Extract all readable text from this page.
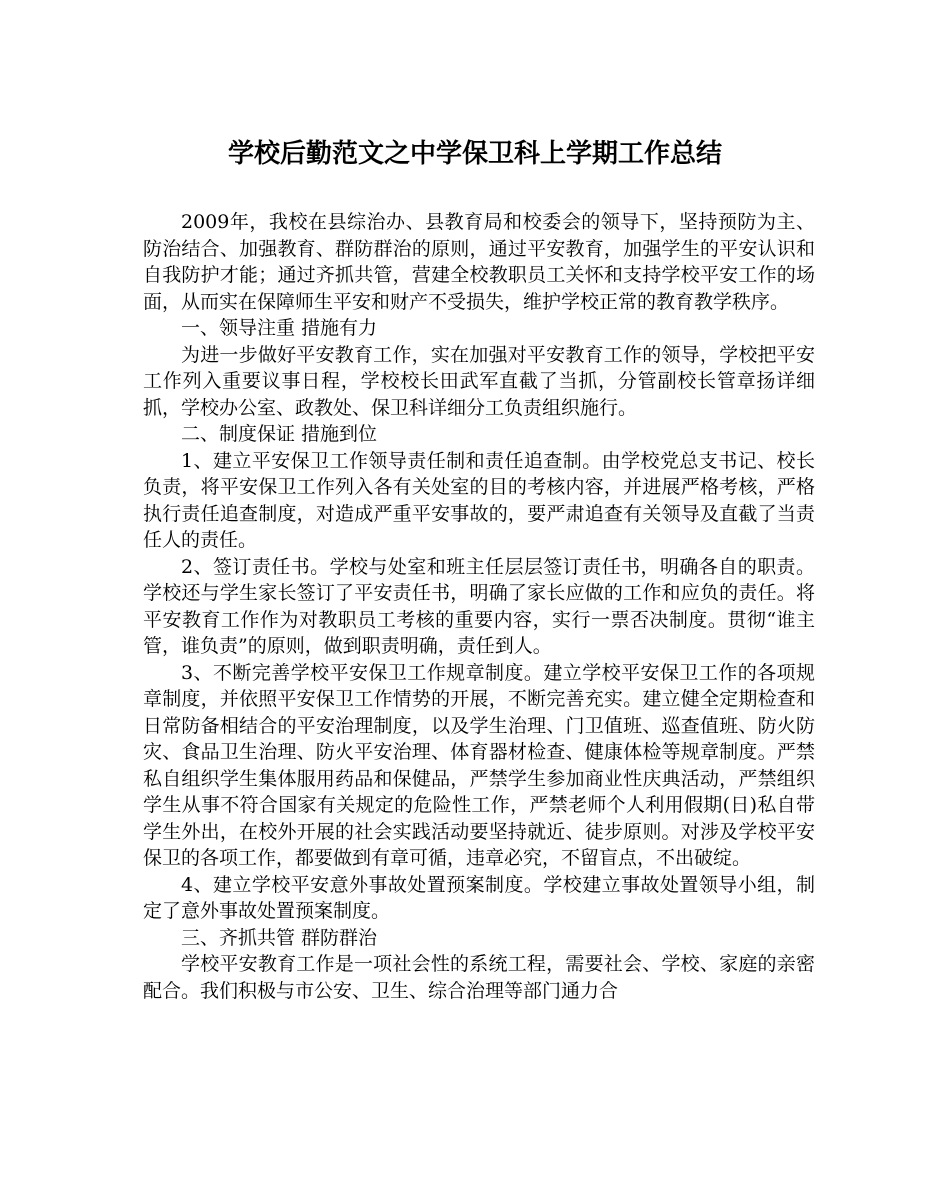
学校后勤范文之中学保卫科上学期工作总结

2009年，我校在县综治办、县教育局和校委会的领导下，坚持预防为主、防治结合、加强教育、群防群治的原则，通过平安教育，加强学生的平安认识和自我防护才能；通过齐抓共管，营建全校教职员工关怀和支持学校平安工作的场面，从而实在保障师生平安和财产不受损失，维护学校正常的教育教学秩序。

一、领导注重 措施有力

为进一步做好平安教育工作，实在加强对平安教育工作的领导，学校把平安工作列入重要议事日程，学校校长田武军直截了当抓，分管副校长管章扬详细抓，学校办公室、政教处、保卫科详细分工负责组织施行。

二、制度保证 措施到位

1、建立平安保卫工作领导责任制和责任追查制。由学校党总支书记、校长负责，将平安保卫工作列入各有关处室的目的考核内容，并进展严格考核，严格执行责任追查制度，对造成严重平安事故的，要严肃追查有关领导及直截了当责任人的责任。

2、签订责任书。学校与处室和班主任层层签订责任书，明确各自的职责。学校还与学生家长签订了平安责任书，明确了家长应做的工作和应负的责任。将平安教育工作作为对教职员工考核的重要内容，实行一票否决制度。贯彻“谁主管，谁负责”的原则，做到职责明确，责任到人。

3、不断完善学校平安保卫工作规章制度。建立学校平安保卫工作的各项规章制度，并依照平安保卫工作情势的开展，不断完善充实。建立健全定期检查和日常防备相结合的平安治理制度，以及学生治理、门卫值班、巡查值班、防火防灾、食品卫生治理、防火平安治理、体育器材检查、健康体检等规章制度。严禁私自组织学生集体服用药品和保健品，严禁学生参加商业性庆典活动，严禁组织学生从事不符合国家有关规定的危险性工作，严禁老师个人利用假期(日)私自带学生外出，在校外开展的社会实践活动要坚持就近、徒步原则。对涉及学校平安保卫的各项工作，都要做到有章可循，违章必究，不留盲点，不出破绽。

4、建立学校平安意外事故处置预案制度。学校建立事故处置领导小组，制定了意外事故处置预案制度。

三、齐抓共管 群防群治

学校平安教育工作是一项社会性的系统工程，需要社会、学校、家庭的亲密配合。我们积极与市公安、卫生、综合治理等部门通力合
